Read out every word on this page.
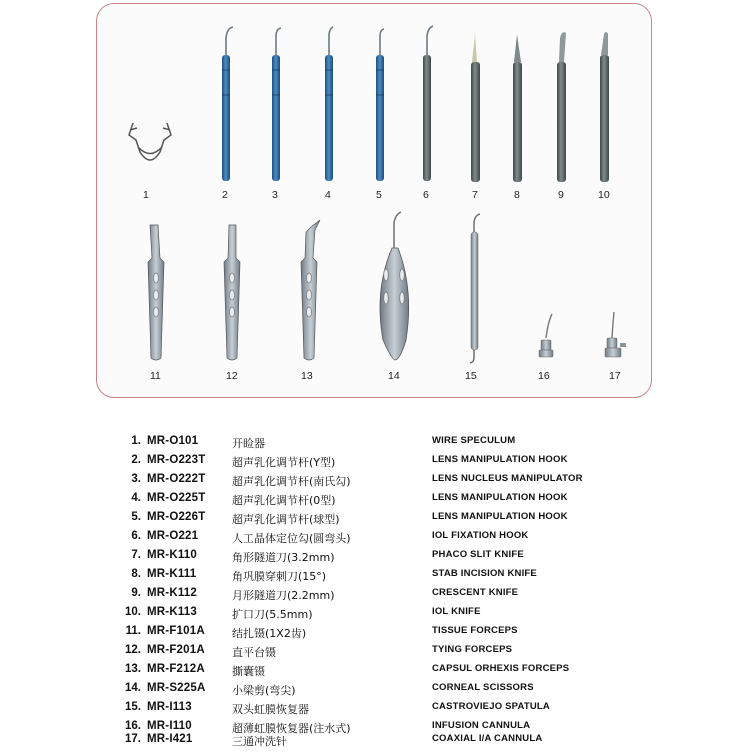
1	2	3	4	5	6	7	8	9	10
11	12	13	14	15	16	17
1. MR-O101	开睑器	WIRE SPECULUM
2. MR-O223T 超声乳化调节杆(Y型)	LENS MANIPULATION HOOK
3. MR-O222T 超声乳化调节杆(南氏勾)	LENS NUCLEUS MANIPULATOR
4. MR-O225T 超声乳化调节杆(0型)	LENS MANIPULATION HOOK
5. MR-O226T 超声乳化调节杆(球型)	LENS MANIPULATION HOOK
6. MR-O221	人工晶体定位勾(圆弯头)	IOL FIXATION HOOK
7. MR-K110	角形隧道刀(3.2mm)	PHACO SLIT KNIFE
8. MR-K111	角巩膜穿刺刀(15°)	STAB INCISION KNIFE
9. MR-K112	月形隧道刀(2.2mm)	CRESCENT KNIFE
10. MR-K113	扩口刀(5.5mm)	IOL KNIFE
11. MR-F101A 结扎镊(1X2齿)	TISSUE FORCEPS
12. MR-F201A 直平台镊	TYING FORCEPS
13. MR-F212A 撕囊镊	CAPSUL ORHEXIS FORCEPS
14. MR-S225A 小梁剪(弯尖)	CORNEAL SCISSORS
15. MR-I113	双头虹膜恢复器	CASTROVIEJO SPATULA
16. MR-I110	超薄虹膜恢复器(注水式)	INFUSION CANNULA
17. MR-I421	三通冲洗针	COAXIAL I/A CANNULA
